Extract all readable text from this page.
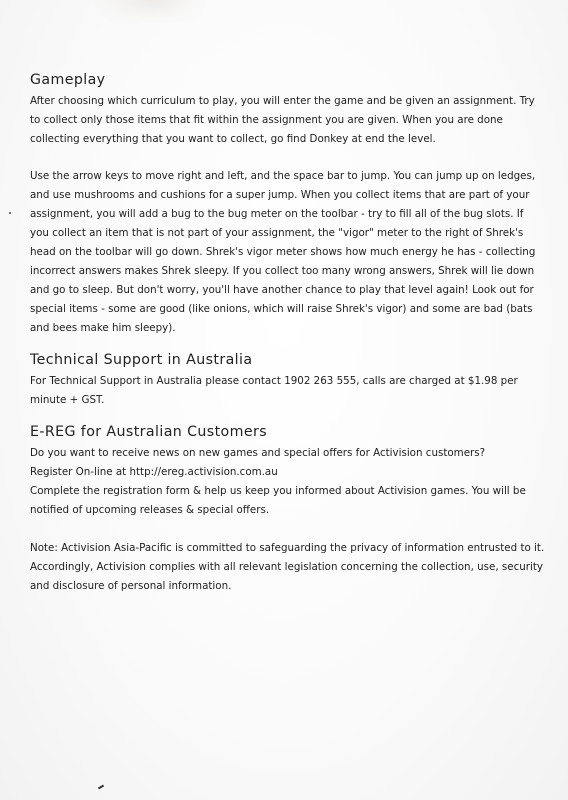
Gameplay

After choosing which curriculum to play, you will enter the game and be given an assignment. Try to collect only those items that fit within the assignment you are given. When you are done collecting everything that you want to collect, go find Donkey at end the level.

Use the arrow keys to move right and left, and the space bar to jump. You can jump up on ledges, and use mushrooms and cushions for a super jump. When you collect items that are part of your assignment, you will add a bug to the bug meter on the toolbar - try to fill all of the bug slots. If you collect an item that is not part of your assignment, the "vigor" meter to the right of Shrek's head on the toolbar will go down. Shrek's vigor meter shows how much energy he has - collecting incorrect answers makes Shrek sleepy. If you collect too many wrong answers, Shrek will lie down and go to sleep. But don't worry, you'll have another chance to play that level again! Look out for special items - some are good (like onions, which will raise Shrek's vigor) and some are bad (bats and bees make him sleepy).

Technical Support in Australia

For Technical Support in Australia please contact 1902 263 555, calls are charged at $1.98 per minute + GST.

E-REG for Australian Customers

Do you want to receive news on new games and special offers for Activision customers?

Register On-line at http://ereg.activision.com.au

Complete the registration form & help us keep you informed about Activision games. You will be notified of upcoming releases & special offers.

Note: Activision Asia-Pacific is committed to safeguarding the privacy of information entrusted to it. Accordingly, Activision complies with all relevant legislation concerning the collection, use, security and disclosure of personal information.
